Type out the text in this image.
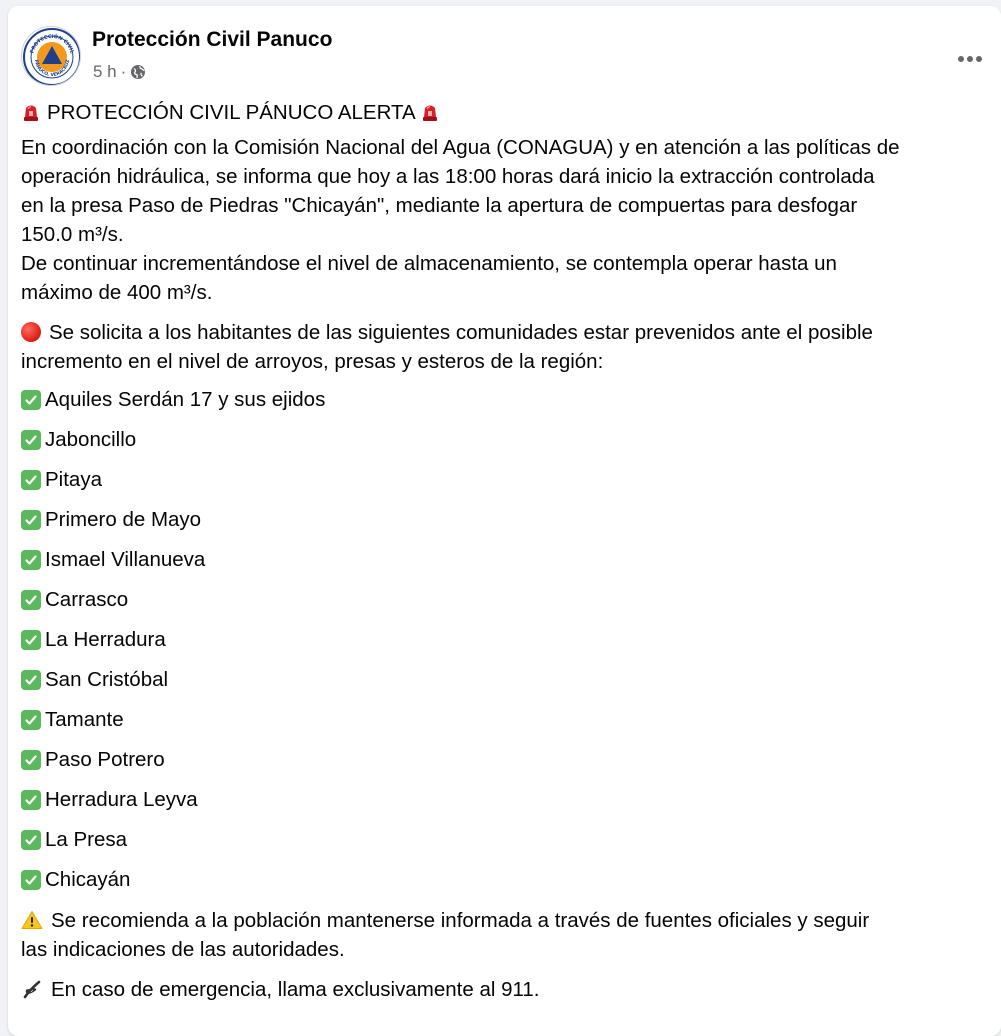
PROTECCIÓN CIVIL
PÁNUCO, VERACRUZ
Protección Civil Panuco
5 h ·
PROTECCIÓN CIVIL PÁNUCO ALERTA
En coordinación con la Comisión Nacional del Agua (CONAGUA) y en atención a las políticas de
operación hidráulica, se informa que hoy a las 18:00 horas dará inicio la extracción controlada
en la presa Paso de Piedras "Chicayán", mediante la apertura de compuertas para desfogar
150.0 m³/s.
De continuar incrementándose el nivel de almacenamiento, se contempla operar hasta un
máximo de 400 m³/s.
Se solicita a los habitantes de las siguientes comunidades estar prevenidos ante el posible
incremento en el nivel de arroyos, presas y esteros de la región:
Aquiles Serdán 17 y sus ejidos
Jaboncillo
Pitaya
Primero de Mayo
Ismael Villanueva
Carrasco
La Herradura
San Cristóbal
Tamante
Paso Potrero
Herradura Leyva
La Presa
Chicayán
Se recomienda a la población mantenerse informada a través de fuentes oficiales y seguir
las indicaciones de las autoridades.
En caso de emergencia, llama exclusivamente al 911.
